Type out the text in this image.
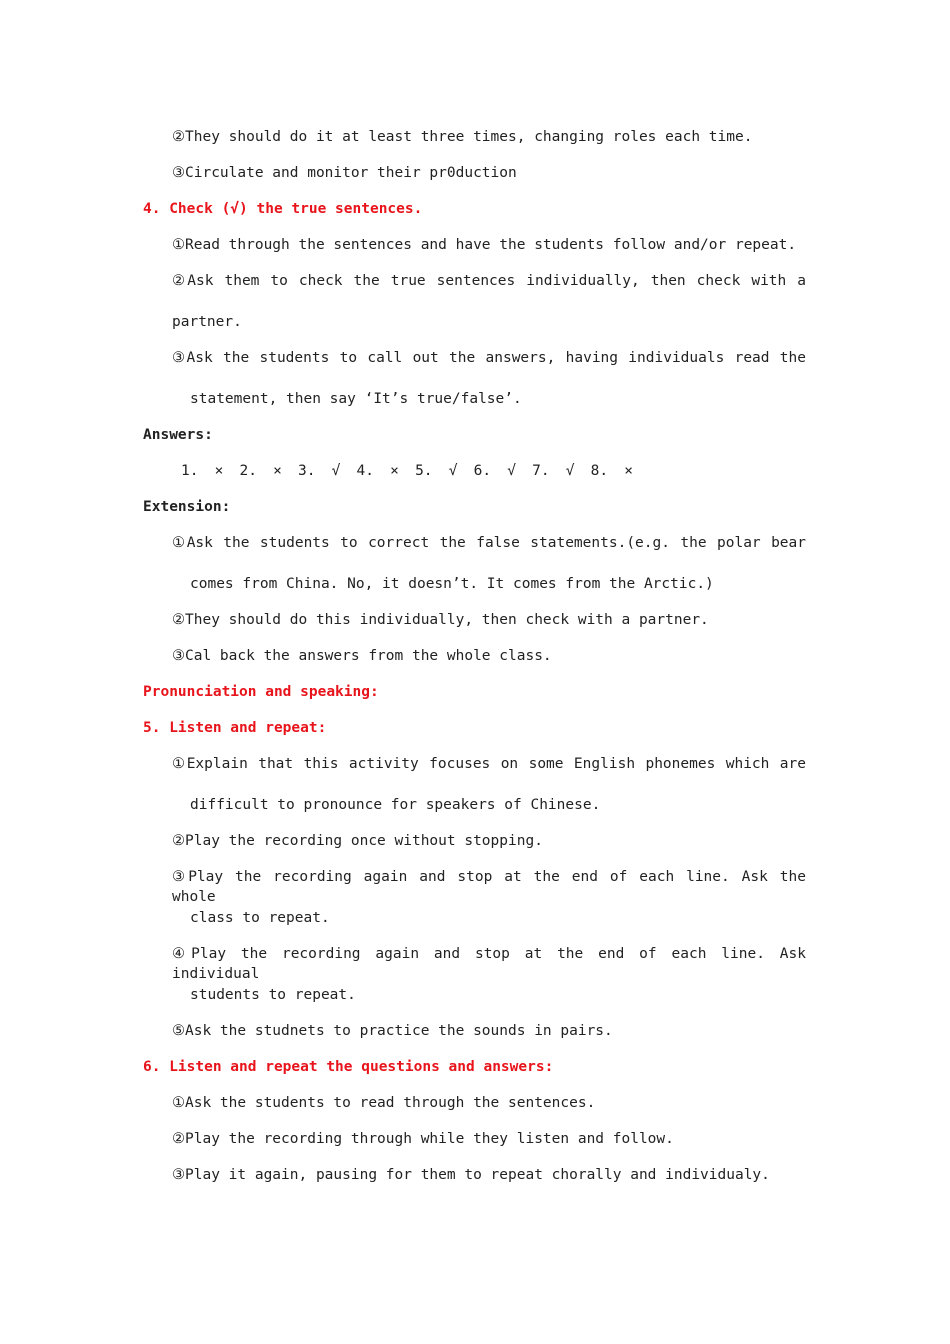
②They should do it at least three times, changing roles each time.

③Circulate and monitor their pr0duction

4. Check (√) the true sentences.

①Read through the sentences and have the students follow and/or repeat.

②Ask them to check the true sentences individually, then check with a

partner.

③Ask the students to call out the answers, having individuals read the

statement, then say ‘It’s true/false’.

Answers:

1. × 2. × 3. √ 4. × 5. √ 6. √ 7. √ 8. ×

Extension:

①Ask the students to correct the false statements.(e.g. the polar bear

comes from China. No, it doesn’t. It comes from the Arctic.)

②They should do this individually, then check with a partner.

③Cal back the answers from the whole class.

Pronunciation and speaking:

5. Listen and repeat:

①Explain that this activity focuses on some English phonemes which are

difficult to pronounce for speakers of Chinese.

②Play the recording once without stopping.

③Play the recording again and stop at the end of each line. Ask the whole

class to repeat.

④Play the recording again and stop at the end of each line. Ask individual

students to repeat.

⑤Ask the studnets to practice the sounds in pairs.

6. Listen and repeat the questions and answers:

①Ask the students to read through the sentences.

②Play the recording through while they listen and follow.

③Play it again, pausing for them to repeat chorally and individualy.
